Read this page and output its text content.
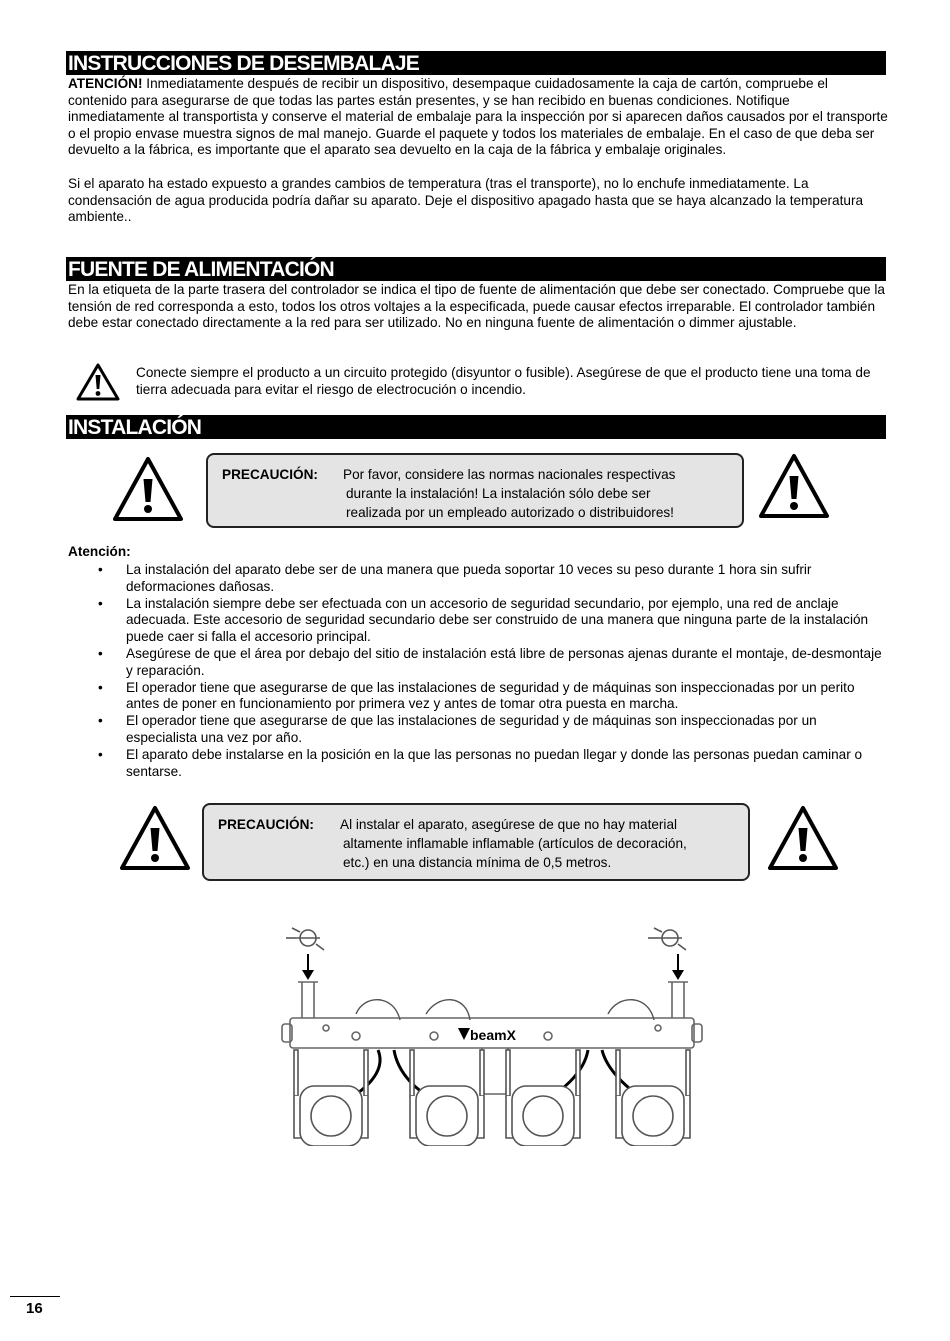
INSTRUCCIONES DE DESEMBALAJE
ATENCIÓN! Inmediatamente después de recibir un dispositivo, desempaque cuidadosamente la caja de cartón, compruebe el contenido para asegurarse de que todas las partes están presentes, y se han recibido en buenas condiciones. Notifique inmediatamente al transportista y conserve el material de embalaje para la inspección por si aparecen daños causados por el transporte o el propio envase muestra signos de mal manejo. Guarde el paquete y todos los materiales de embalaje. En el caso de que deba ser devuelto a la fábrica, es importante que el aparato sea devuelto en la caja de la fábrica y embalaje originales.
Si el aparato ha estado expuesto a grandes cambios de temperatura (tras el transporte), no lo enchufe inmediatamente. La condensación de agua producida podría dañar su aparato. Deje el dispositivo apagado hasta que se haya alcanzado la temperatura ambiente..
FUENTE DE ALIMENTACIÓN
En la etiqueta de la parte trasera del controlador se indica el tipo de fuente de alimentación que debe ser conectado. Compruebe que la tensión de red corresponda a esto, todos los otros voltajes a la especificada, puede causar efectos irreparable. El controlador también debe estar conectado directamente a la red para ser utilizado. No en ninguna fuente de alimentación o dimmer ajustable.
Conecte siempre el producto a un circuito protegido (disyuntor o fusible). Asegúrese de que el producto tiene una toma de tierra adecuada para evitar el riesgo de electrocución o incendio.
INSTALACIÓN
PRECAUCIÓN: Por favor, considere las normas nacionales respectivas
durante la instalación! La instalación sólo debe ser
realizada por un empleado autorizado o distribuidores!
Atención:
• La instalación del aparato debe ser de una manera que pueda soportar 10 veces su peso durante 1 hora sin sufrir deformaciones dañosas.
• La instalación siempre debe ser efectuada con un accesorio de seguridad secundario, por ejemplo, una red de anclaje adecuada. Este accesorio de seguridad secundario debe ser construido de una manera que ninguna parte de la instalación puede caer si falla el accesorio principal.
• Asegúrese de que el área por debajo del sitio de instalación está libre de personas ajenas durante el montaje, de-desmontaje y reparación.
• El operador tiene que asegurarse de que las instalaciones de seguridad y de máquinas son inspeccionadas por un perito antes de poner en funcionamiento por primera vez y antes de tomar otra puesta en marcha.
• El operador tiene que asegurarse de que las instalaciones de seguridad y de máquinas son inspeccionadas por un especialista una vez por año.
• El aparato debe instalarse en la posición en la que las personas no puedan llegar y donde las personas puedan caminar o sentarse.
PRECAUCIÓN: Al instalar el aparato, asegúrese de que no hay material
altamente inflamable inflamable (artículos de decoración,
etc.) en una distancia mínima de 0,5 metros.
beamX
16
